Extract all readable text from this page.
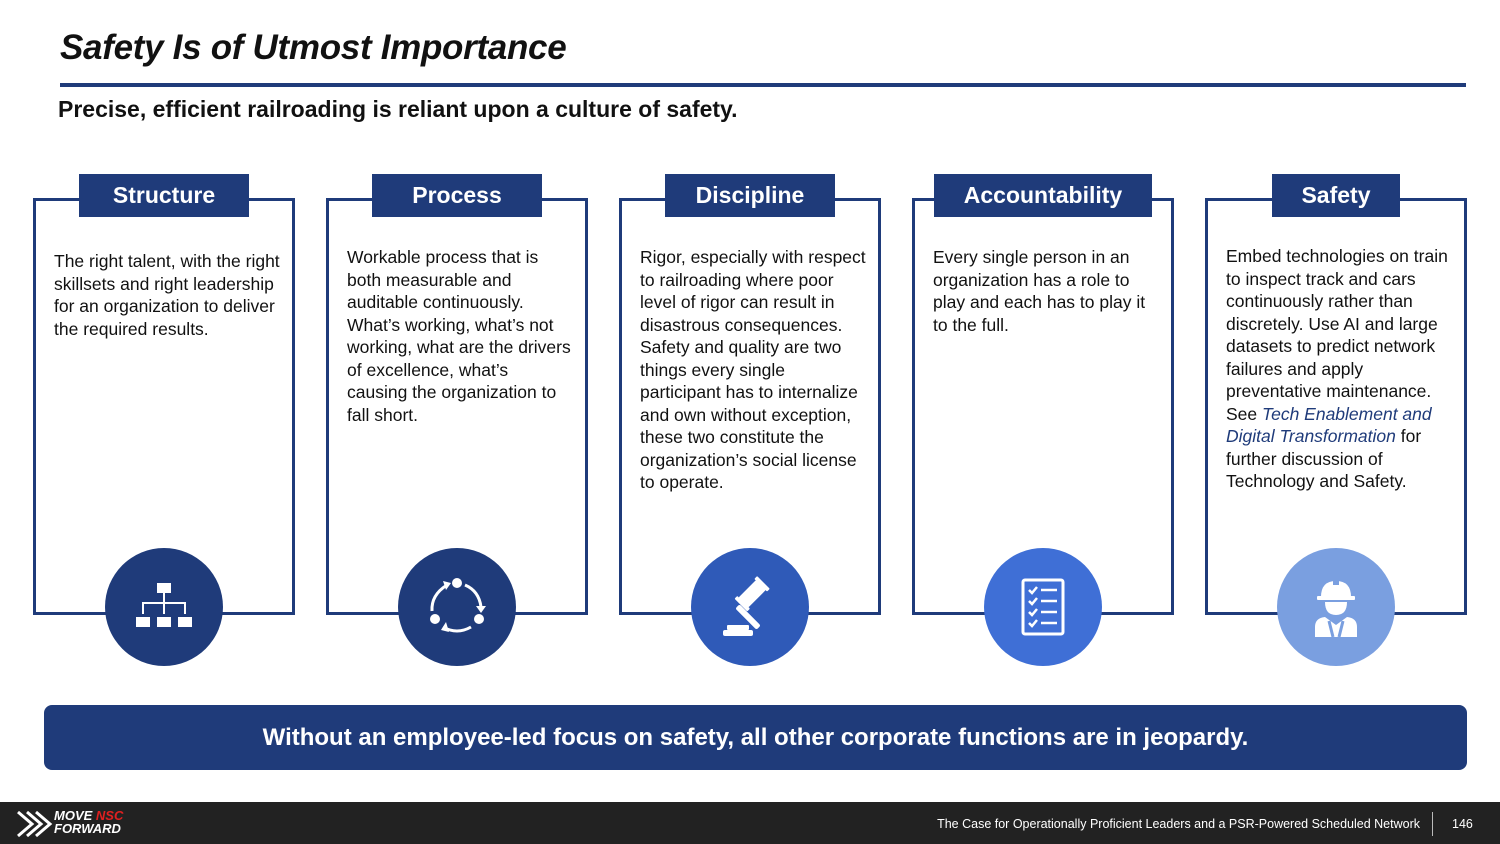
Safety Is of Utmost Importance
Precise, efficient railroading is reliant upon a culture of safety.
The right talent, with the right skillsets and right leadership for an organization to deliver the required results.
Structure
Workable process that is both measurable and auditable continuously. What’s working, what’s not working, what are the drivers of excellence, what’s causing the organization to fall short.
Process
Rigor, especially with respect to railroading where poor level of rigor can result in disastrous consequences. Safety and quality are two things every single participant has to internalize and own without exception, these two constitute the organization’s social license to operate.
Discipline
Every single person in an organization has a role to play and each has to play it to the full.
Accountability
Embed technologies on train to inspect track and cars continuously rather than discretely. Use AI and large datasets to predict network failures and apply preventative maintenance. See Tech Enablement and Digital Transformation for further discussion of Technology and Safety.
Safety
Without an employee-led focus on safety, all other corporate functions are in jeopardy.
MOVE NSC
FORWARD	The Case for Operationally Proficient Leaders and a PSR-Powered Scheduled Network	146
